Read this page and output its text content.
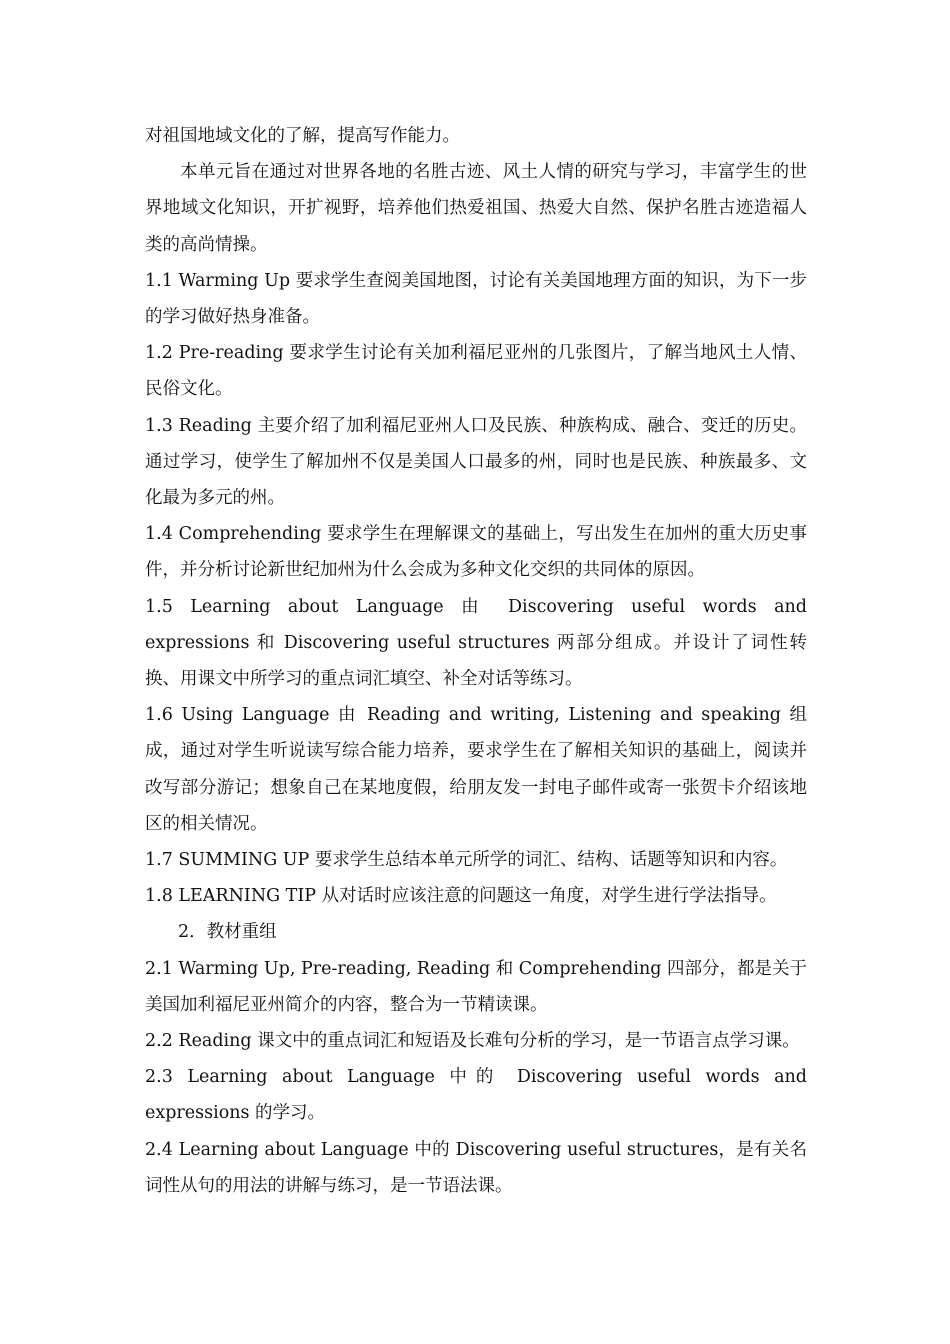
对祖国地域文化的了解，提高写作能力。

本单元旨在通过对世界各地的名胜古迹、风土人情的研究与学习，丰富学生的世界地域文化知识，开扩视野，培养他们热爱祖国、热爱大自然、保护名胜古迹造福人类的高尚情操。

1.1 Warming Up 要求学生查阅美国地图，讨论有关美国地理方面的知识，为下一步的学习做好热身准备。

1.2 Pre-reading 要求学生讨论有关加利福尼亚州的几张图片，了解当地风土人情、民俗文化。

1.3 Reading 主要介绍了加利福尼亚州人口及民族、种族构成、融合、变迁的历史。通过学习，使学生了解加州不仅是美国人口最多的州，同时也是民族、种族最多、文化最为多元的州。

1.4 Comprehending 要求学生在理解课文的基础上，写出发生在加州的重大历史事件，并分析讨论新世纪加州为什么会成为多种文化交织的共同体的原因。

1.5 Learning about Language 由 Discovering useful words and expressions 和 Discovering useful structures 两部分组成。并设计了词性转换、用课文中所学习的重点词汇填空、补全对话等练习。

1.6 Using Language 由 Reading and writing, Listening and speaking 组成，通过对学生听说读写综合能力培养，要求学生在了解相关知识的基础上，阅读并改写部分游记；想象自己在某地度假，给朋友发一封电子邮件或寄一张贺卡介绍该地区的相关情况。

1.7 SUMMING UP 要求学生总结本单元所学的词汇、结构、话题等知识和内容。

1.8 LEARNING TIP 从对话时应该注意的问题这一角度，对学生进行学法指导。

2．教材重组

2.1 Warming Up, Pre-reading, Reading 和 Comprehending 四部分，都是关于美国加利福尼亚州简介的内容，整合为一节精读课。

2.2 Reading 课文中的重点词汇和短语及长难句分析的学习，是一节语言点学习课。

2.3 Learning about Language 中的 Discovering useful words and expressions 的学习。

2.4 Learning about Language 中的 Discovering useful structures，是有关名词性从句的用法的讲解与练习，是一节语法课。
